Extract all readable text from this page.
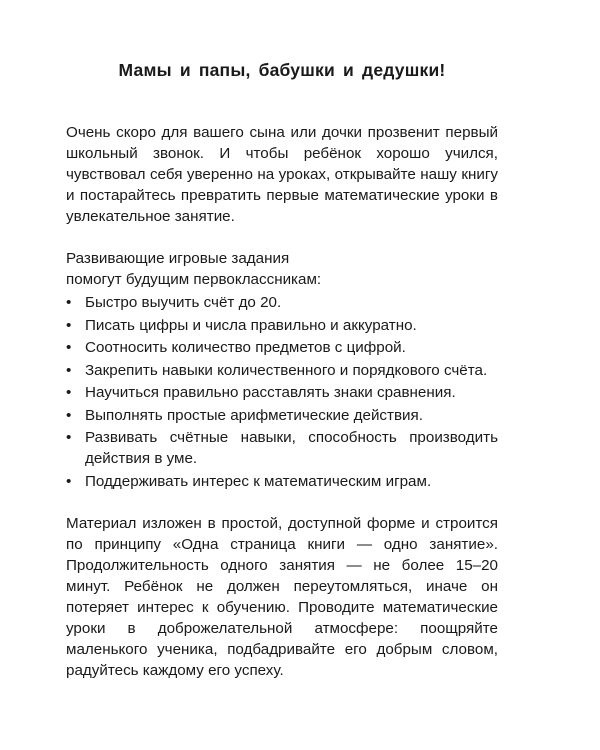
Мамы и папы, бабушки и дедушки!

Очень скоро для вашего сына или дочки прозвенит первый школьный звонок. И чтобы ребёнок хорошо учился, чувствовал себя уверенно на уроках, открывайте нашу книгу и постарайтесь превратить первые математические уроки в увлекательное занятие.

Развивающие игровые задания

помогут будущим первоклассникам:

• Быстро выучить счёт до 20.
• Писать цифры и числа правильно и аккуратно.
• Соотносить количество предметов с цифрой.
• Закрепить навыки количественного и порядкового счёта.
• Научиться правильно расставлять знаки сравнения.
• Выполнять простые арифметические действия.
• Развивать счётные навыки, способность производить действия в уме.
• Поддерживать интерес к математическим играм.

Материал изложен в простой, доступной форме и строится по принципу «Одна страница книги — одно занятие». Продолжительность одного занятия — не более 15–20 минут. Ребёнок не должен переутомляться, иначе он потеряет интерес к обучению. Проводите математические уроки в доброжелательной атмосфере: поощряйте маленького ученика, подбадривайте его добрым словом, радуйтесь каждому его успеху.
